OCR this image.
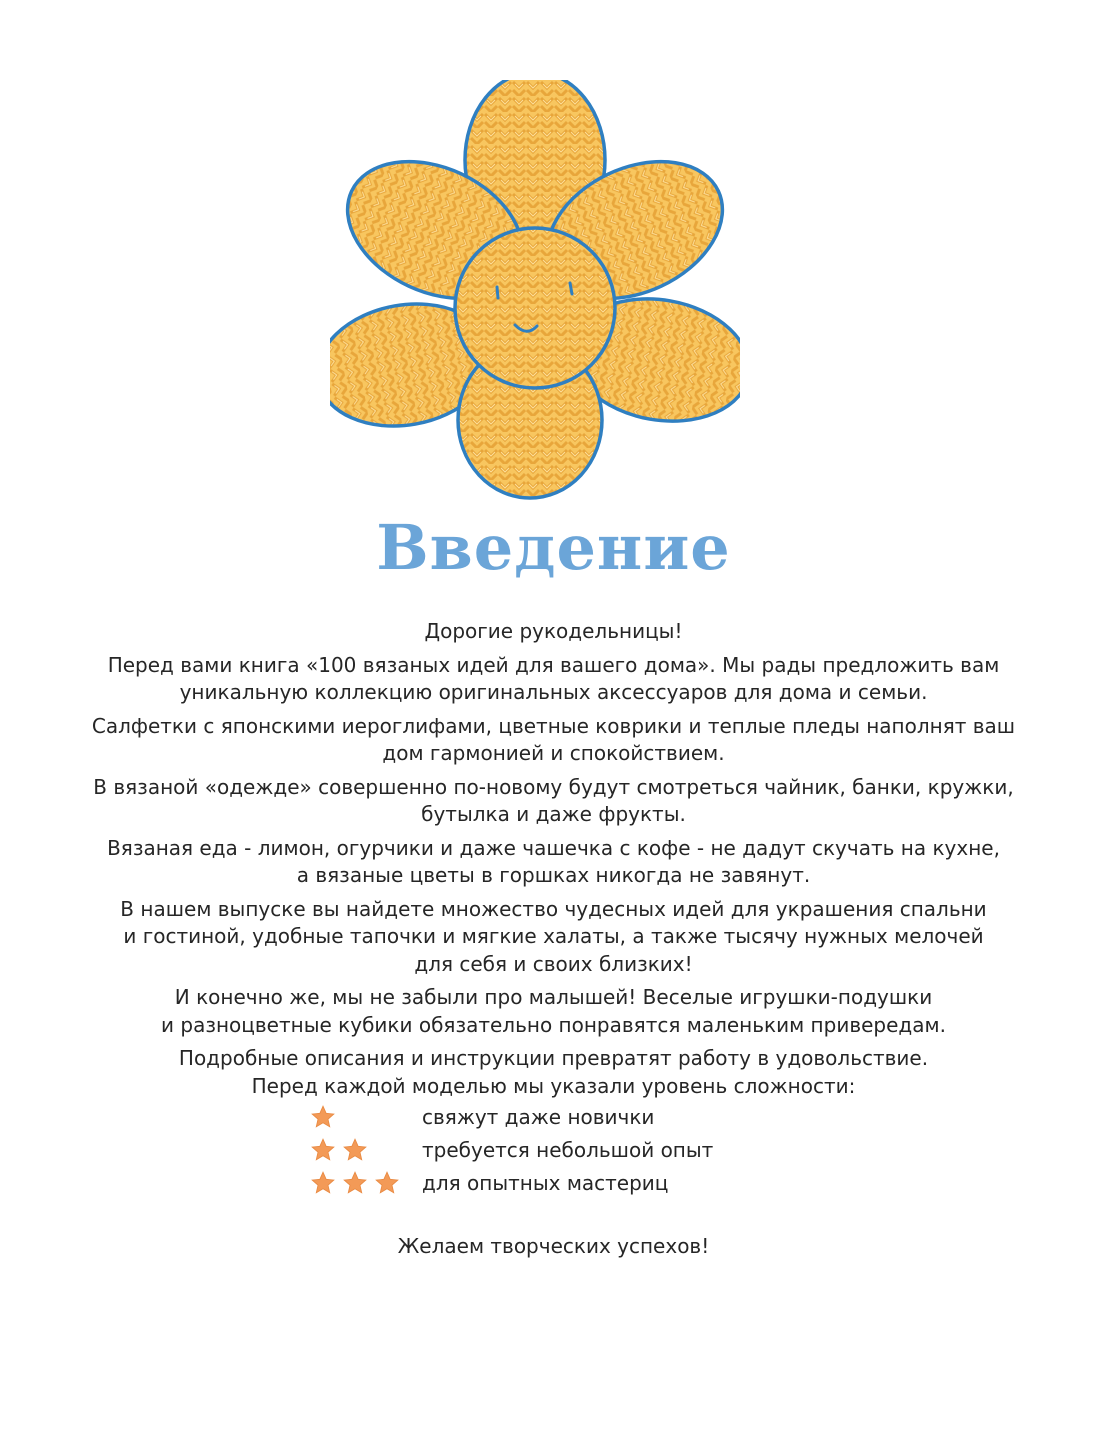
Введение

Дорогие рукодельницы!

Перед вами книга «100 вязаных идей для вашего дома». Мы рады предложить вам
уникальную коллекцию оригинальных аксессуаров для дома и семьи.

Салфетки с японскими иероглифами, цветные коврики и теплые пледы наполнят ваш
дом гармонией и спокойствием.

В вязаной «одежде» совершенно по-новому будут смотреться чайник, банки, кружки,
бутылка и даже фрукты.

Вязаная еда - лимон, огурчики и даже чашечка с кофе - не дадут скучать на кухне,
а вязаные цветы в горшках никогда не завянут.

В нашем выпуске вы найдете множество чудесных идей для украшения спальни
и гостиной, удобные тапочки и мягкие халаты, а также тысячу нужных мелочей
для себя и своих близких!

И конечно же, мы не забыли про малышей! Веселые игрушки-подушки
и разноцветные кубики обязательно понравятся маленьким привередам.

Подробные описания и инструкции превратят работу в удовольствие.
Перед каждой моделью мы указали уровень сложности:

свяжут даже новички
требуется небольшой опыт
для опытных мастериц
Желаем творческих успехов!
